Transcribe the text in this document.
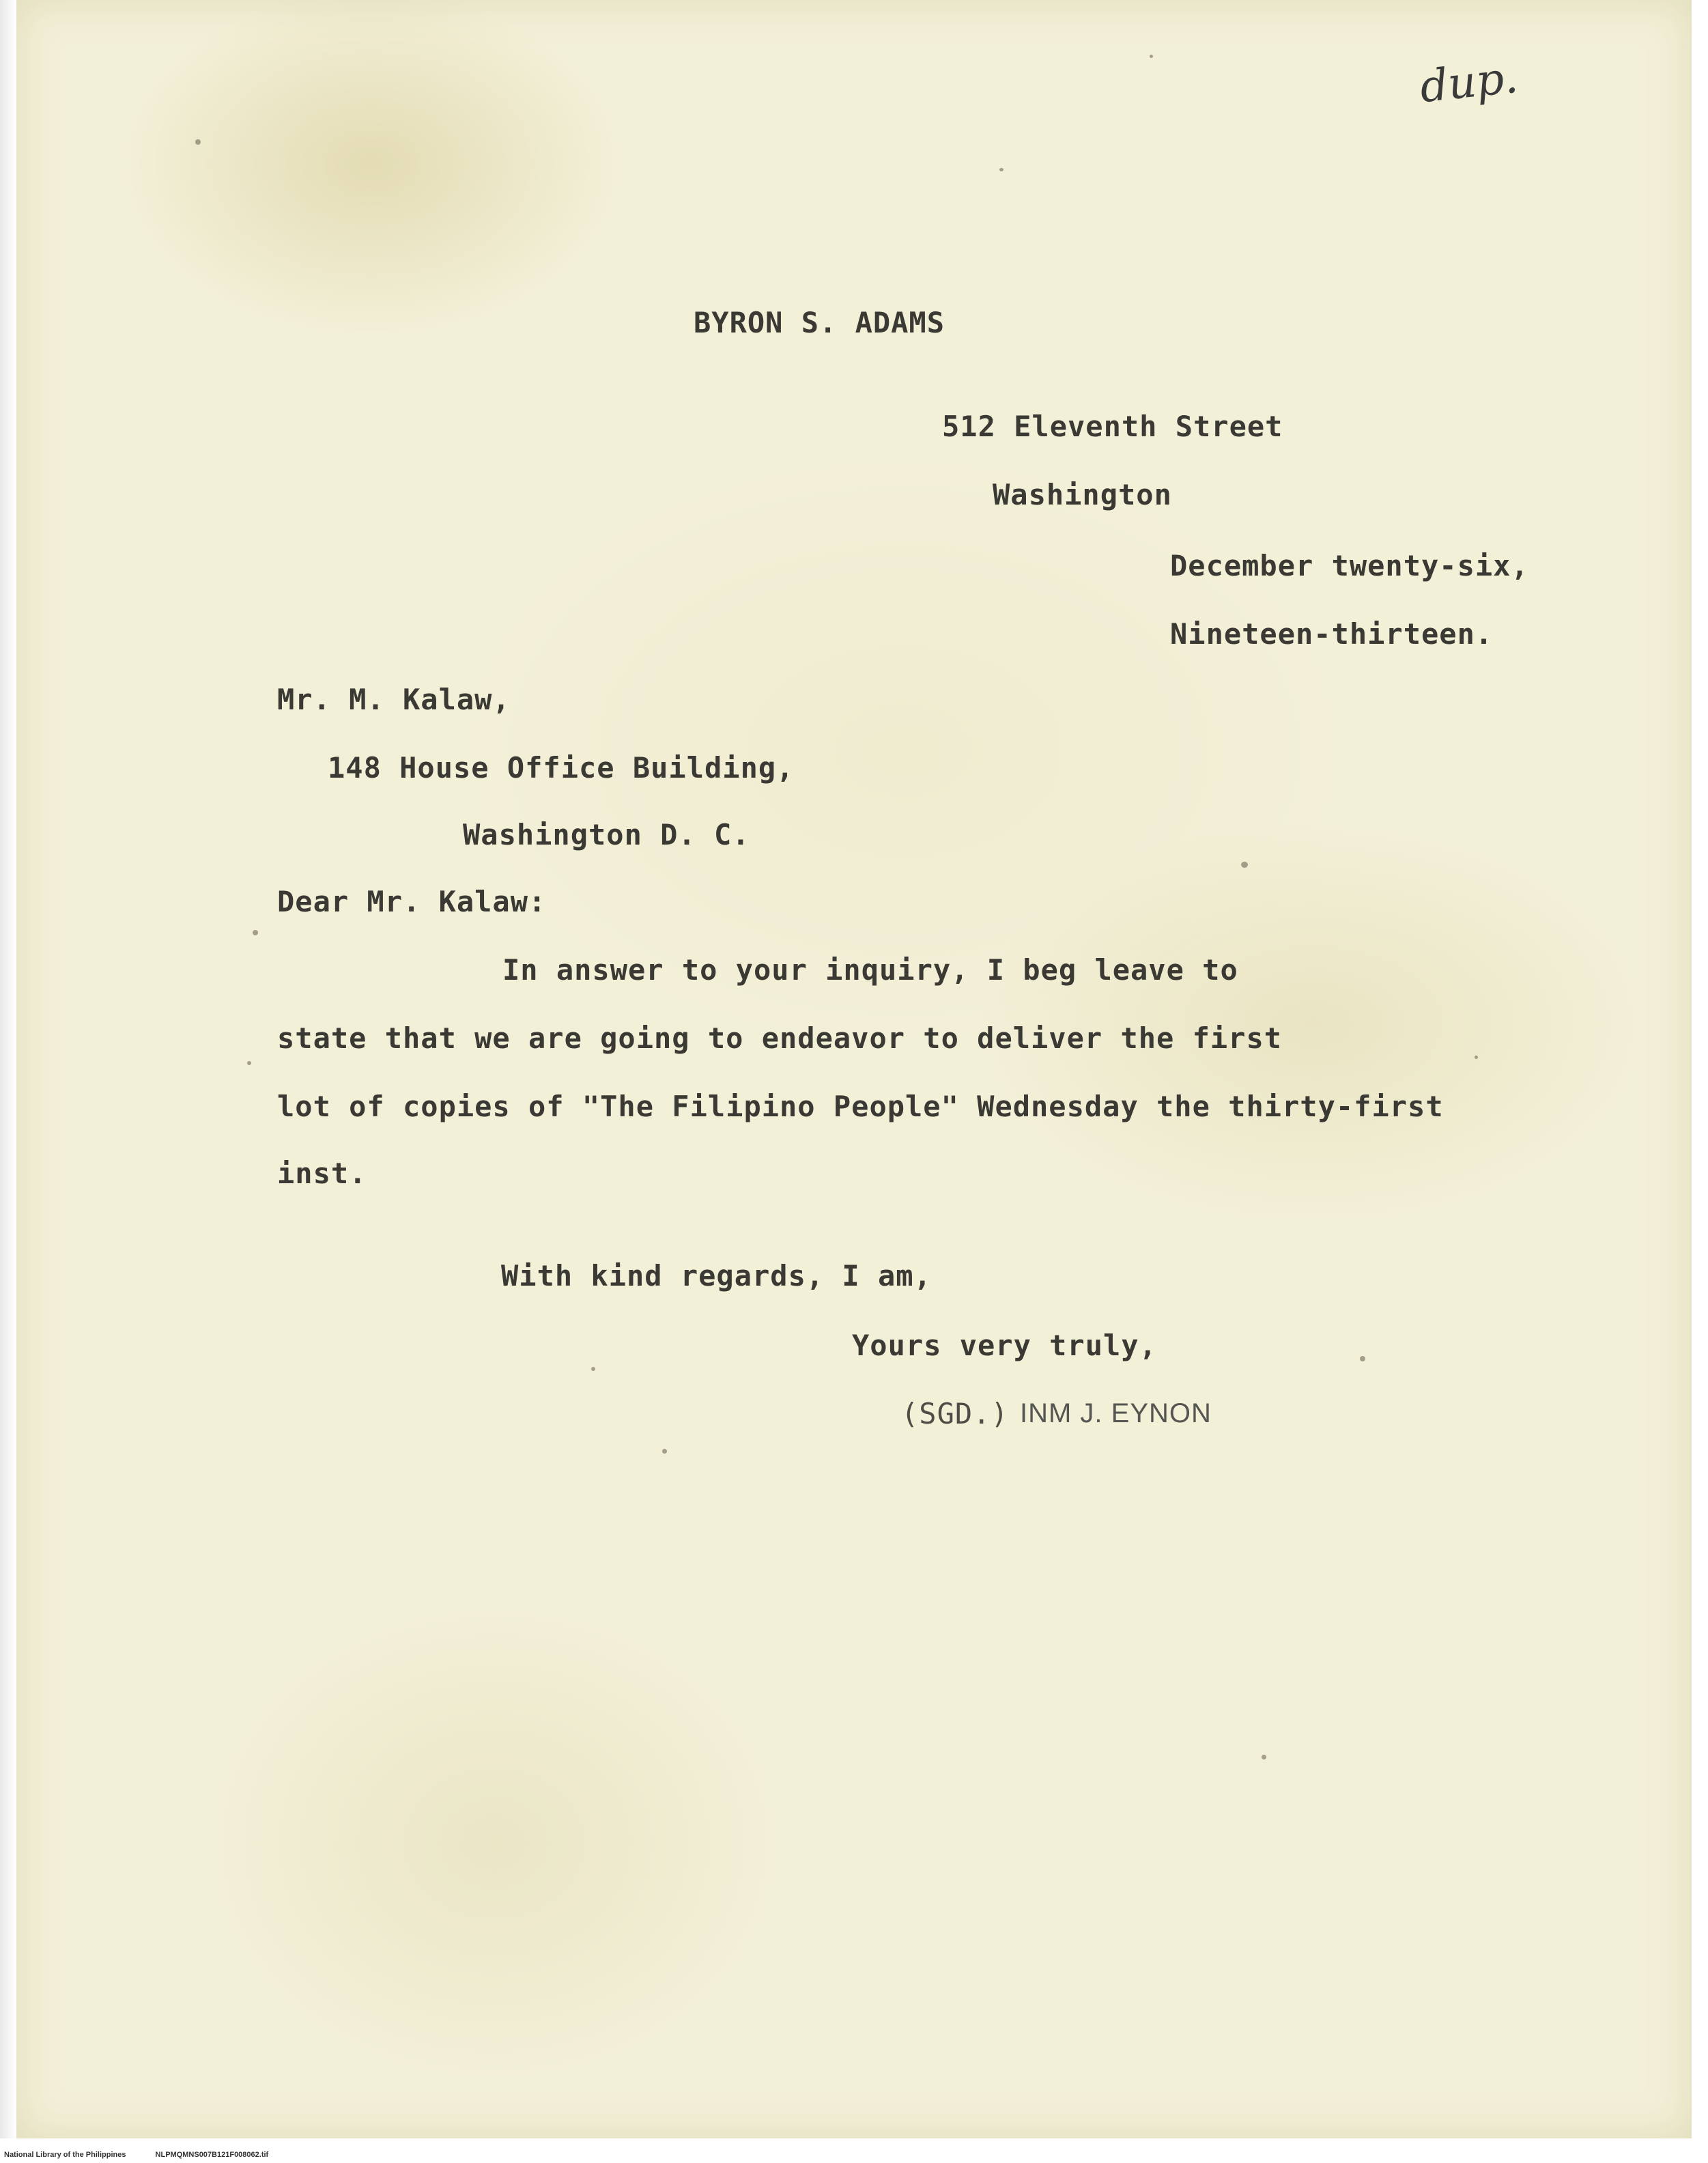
dup.
BYRON S. ADAMS
512 Eleventh Street
Washington
December twenty-six,
Nineteen-thirteen.
Mr. M. Kalaw,
148 House Office Building,
Washington D. C.
Dear Mr. Kalaw:
In answer to your inquiry, I beg leave to
state that we are going to endeavor to deliver the first
lot of copies of "The Filipino People" Wednesday the thirty-first
inst.
With kind regards, I am,
Yours very truly,
(SGD.) INM J. EYNON
National Library of the Philippines	NLPMQMNS007B121F008062.tif
